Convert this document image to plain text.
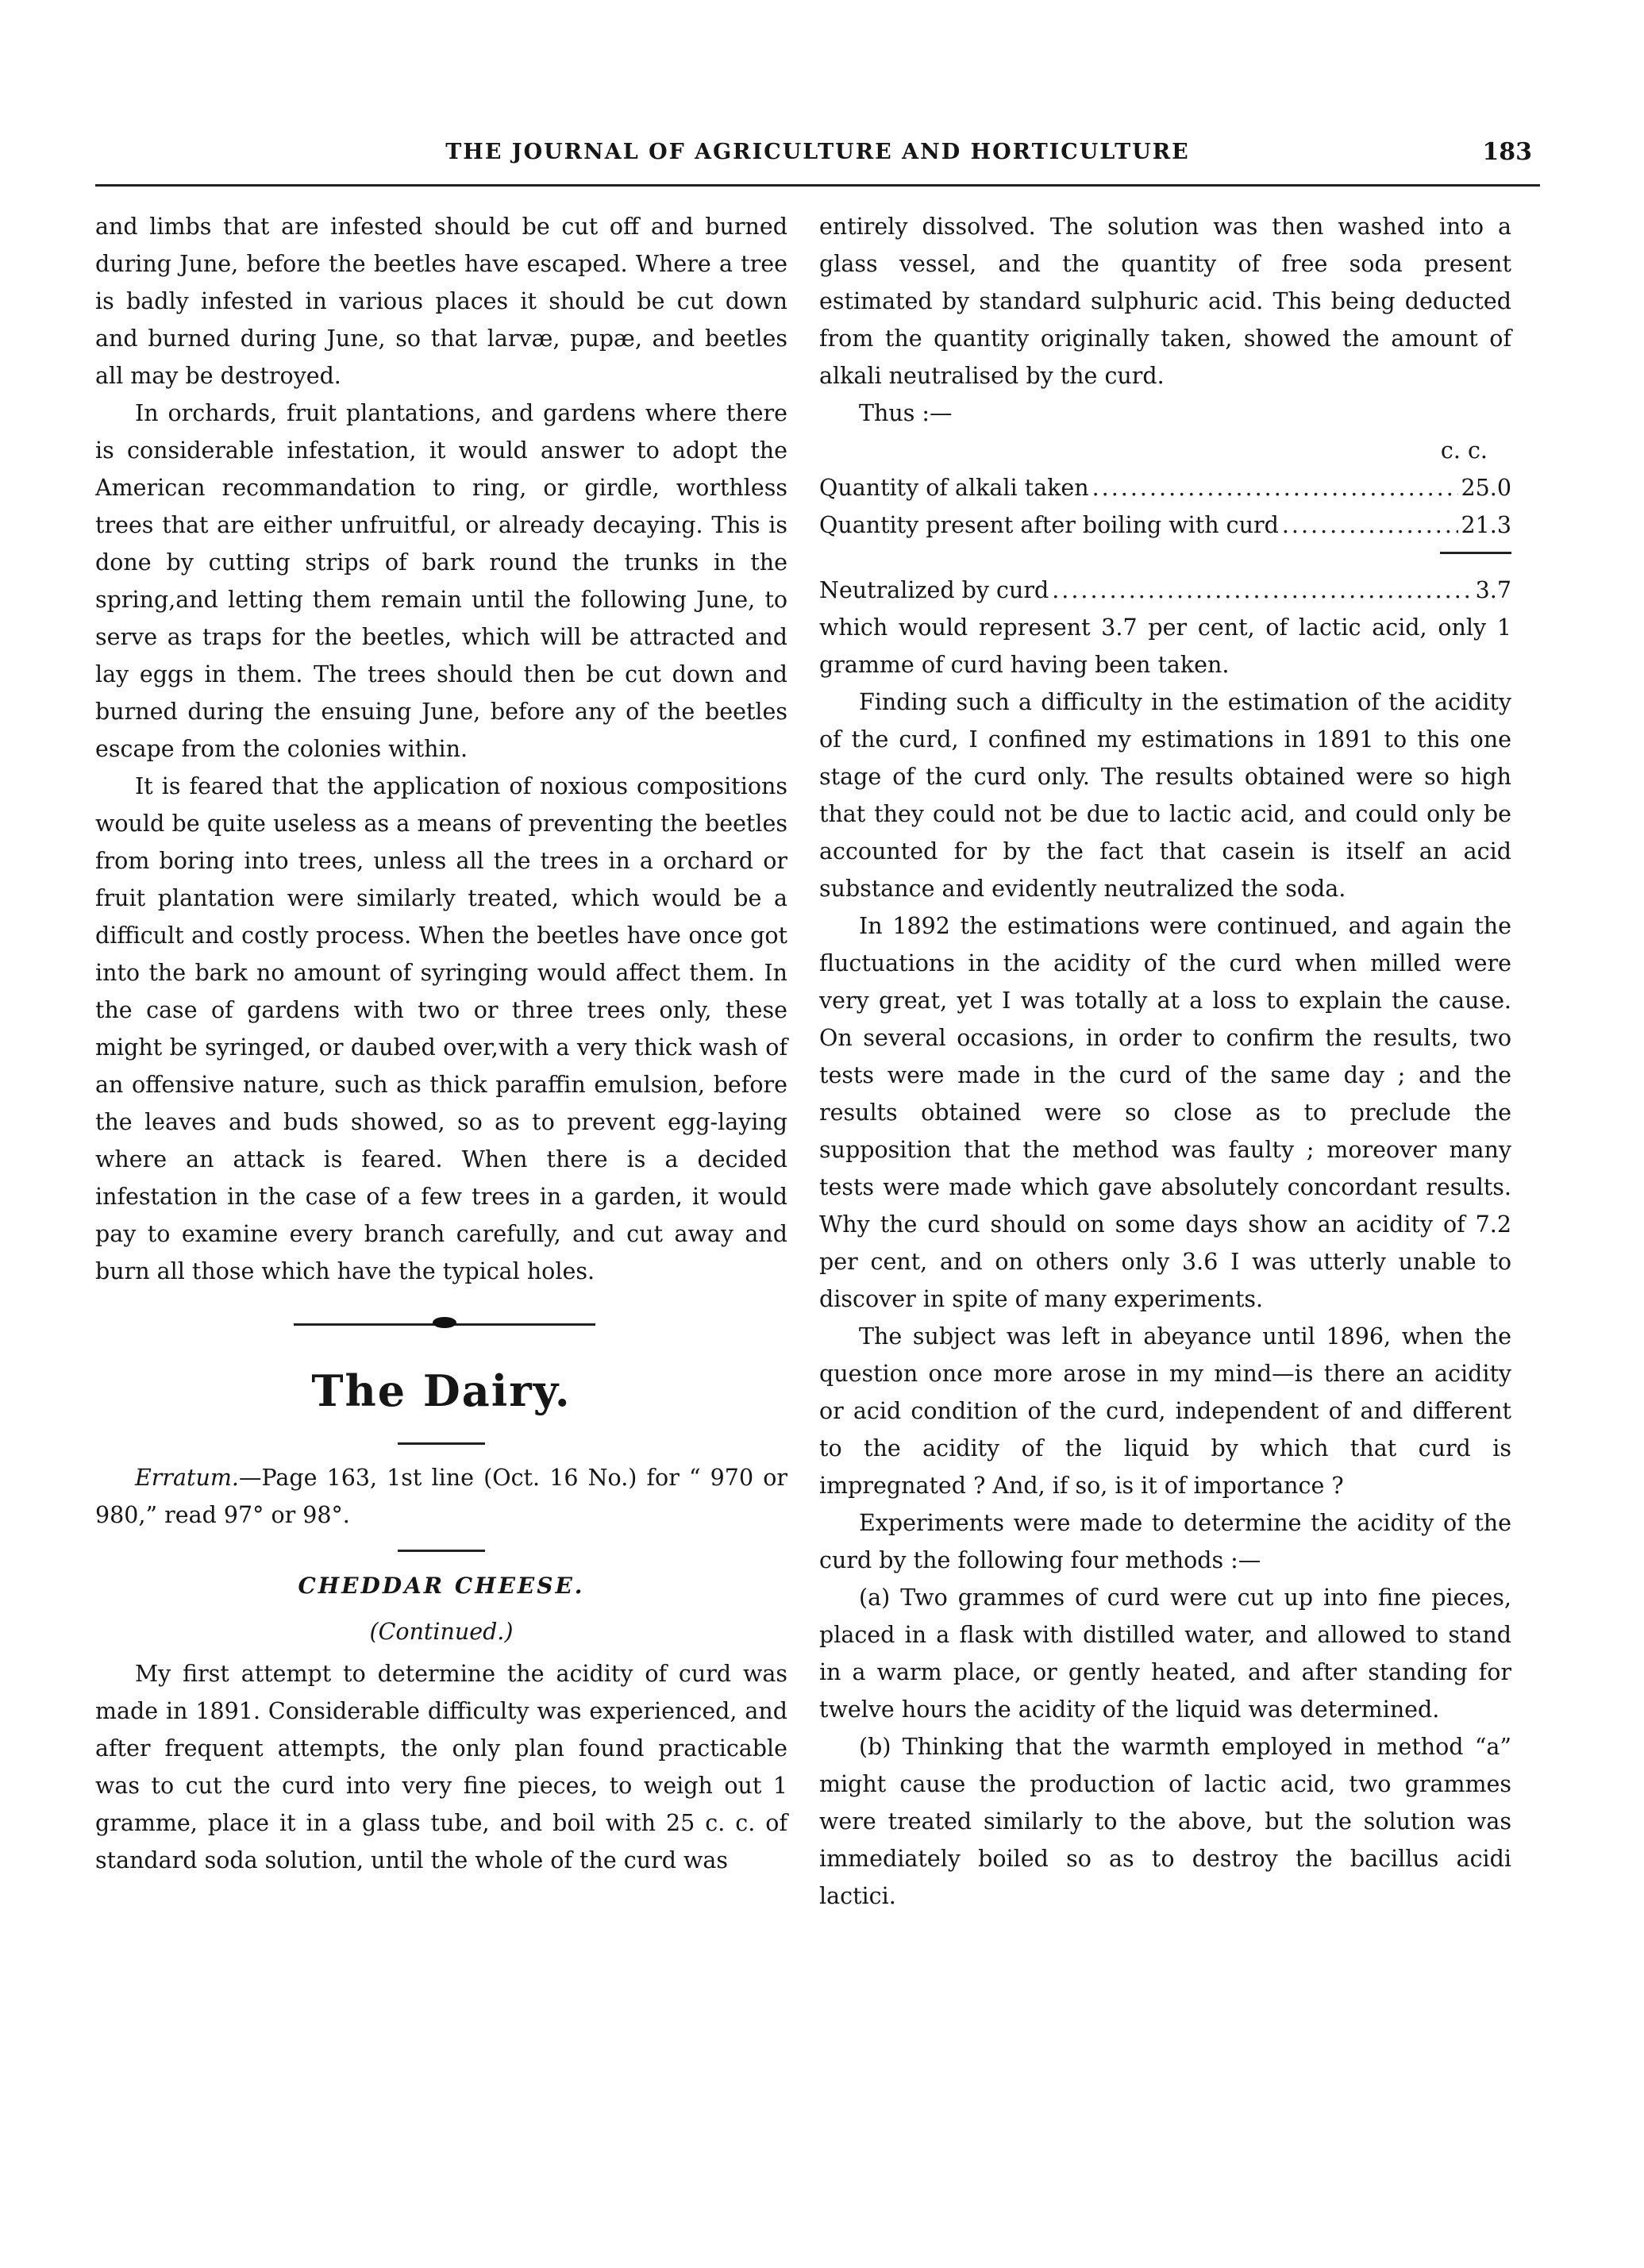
THE JOURNAL OF AGRICULTURE AND HORTICULTURE	183

and limbs that are infested should be cut off and burned during June, before the beetles have escaped. Where a tree is badly infested in various places it should be cut down and burned during June, so that larvæ, pupæ, and beetles all may be destroyed.

In orchards, fruit plantations, and gardens where there is considerable infestation, it would answer to adopt the American recommandation to ring, or girdle, worthless trees that are either unfruitful, or already decaying. This is done by cutting strips of bark round the trunks in the spring,and letting them remain until the following June, to serve as traps for the beetles, which will be attracted and lay eggs in them. The trees should then be cut down and burned during the ensuing June, before any of the beetles escape from the colonies within.

It is feared that the application of noxious compositions would be quite useless as a means of preventing the beetles from boring into trees, unless all the trees in a orchard or fruit plantation were similarly treated, which would be a difficult and costly process. When the beetles have once got into the bark no amount of syringing would affect them. In the case of gardens with two or three trees only, these might be syringed, or daubed over,with a very thick wash of an offensive nature, such as thick paraffin emulsion, before the leaves and buds showed, so as to prevent egg-laying where an attack is feared. When there is a decided infestation in the case of a few trees in a garden, it would pay to examine every branch carefully, and cut away and burn all those which have the typical holes.

The Dairy.

Erratum.—Page 163, 1st line (Oct. 16 No.) for “ 970 or 980,” read 97° or 98°.

CHEDDAR CHEESE.
(Continued.)

My first attempt to determine the acidity of curd was made in 1891. Considerable difficulty was experienced, and after frequent attempts, the only plan found practicable was to cut the curd into very fine pieces, to weigh out 1 gramme, place it in a glass tube, and boil with 25 c. c. of standard soda solution, until the whole of the curd was

entirely dissolved. The solution was then washed into a glass vessel, and the quantity of free soda present estimated by standard sulphuric acid. This being deducted from the quantity originally taken, showed the amount of alkali neutralised by the curd.

Thus :—

c. c.
Quantity of alkali taken .....	25.0
Quantity present after boiling with curd .....	21.3
Neutralized by curd .....	3.7

which would represent 3.7 per cent, of lactic acid, only 1 gramme of curd having been taken.

Finding such a difficulty in the estimation of the acidity of the curd, I confined my estimations in 1891 to this one stage of the curd only. The results obtained were so high that they could not be due to lactic acid, and could only be accounted for by the fact that casein is itself an acid substance and evidently neutralized the soda.

In 1892 the estimations were continued, and again the fluctuations in the acidity of the curd when milled were very great, yet I was totally at a loss to explain the cause. On several occasions, in order to confirm the results, two tests were made in the curd of the same day ; and the results obtained were so close as to preclude the supposition that the method was faulty ; moreover many tests were made which gave absolutely concordant results. Why the curd should on some days show an acidity of 7.2 per cent, and on others only 3.6 I was utterly unable to discover in spite of many experiments.

The subject was left in abeyance until 1896, when the question once more arose in my mind—is there an acidity or acid condition of the curd, independent of and different to the acidity of the liquid by which that curd is impregnated ? And, if so, is it of importance ?

Experiments were made to determine the acidity of the curd by the following four methods :—

(a) Two grammes of curd were cut up into fine pieces, placed in a flask with distilled water, and allowed to stand in a warm place, or gently heated, and after standing for twelve hours the acidity of the liquid was determined.

(b) Thinking that the warmth employed in method “a” might cause the production of lactic acid, two grammes were treated similarly to the above, but the solution was immediately boiled so as to destroy the bacillus acidi lactici.
